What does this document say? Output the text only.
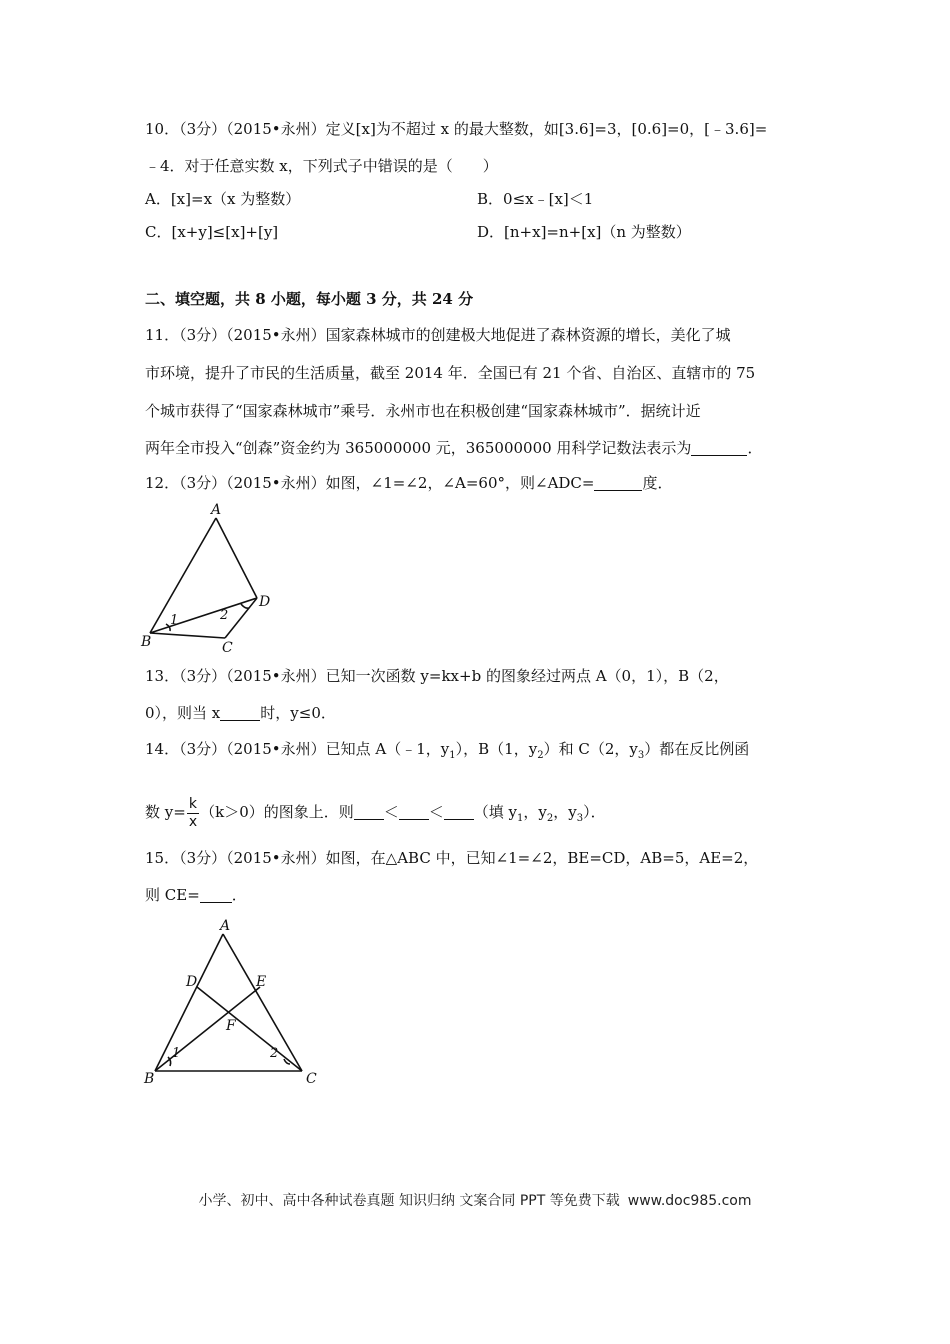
10．（3分）（2015•永州）定义[x]为不超过 x 的最大整数，如[3.6]=3，[0.6]=0，[﹣3.6]=
﹣4．对于任意实数 x，下列式子中错误的是（　　）
A．[x]=x（x 为整数）	B．0≤x﹣[x]＜1
C．[x+y]≤[x]+[y]	D．[n+x]=n+[x]（n 为整数）
二、填空题，共 8 小题，每小题 3 分，共 24 分
11．（3分）（2015•永州）国家森林城市的创建极大地促进了森林资源的增长，美化了城
市环境，提升了市民的生活质量，截至 2014 年．全国已有 21 个省、自治区、直辖市的 75
个城市获得了“国家森林城市”乘号．永州市也在积极创建“国家森林城市”．据统计近
两年全市投入“创森”资金约为 365000000 元，365000000 用科学记数法表示为	．
12．（3分）（2015•永州）如图，∠1=∠2，∠A=60°，则∠ADC=	度．
A
B	C
D
1	2
13．（3分）（2015•永州）已知一次函数 y=kx+b 的图象经过两点 A（0，1），B（2，
0），则当 x	时，y≤0．
14．（3分）（2015•永州）已知点 A（﹣1，$y_1$），B（1，$y_2$）和 C（2，$y_3$）都在反比例函
数 $y= \frac{k}{x} (k>0)$的图象上．则 ＜ ＜ （填 $y_1$，$y_2$，$y_3$）．
15．（3分）（2015•永州）如图，在△ABC 中，已知∠1=∠2，BE=CD，AB=5，AE=2，
则 CE= ．
A
B	C
D	E
F
1	2
小学、初中、高中各种试卷真题 知识归纳 文案合同 PPT 等免费下载 www.doc985.com
